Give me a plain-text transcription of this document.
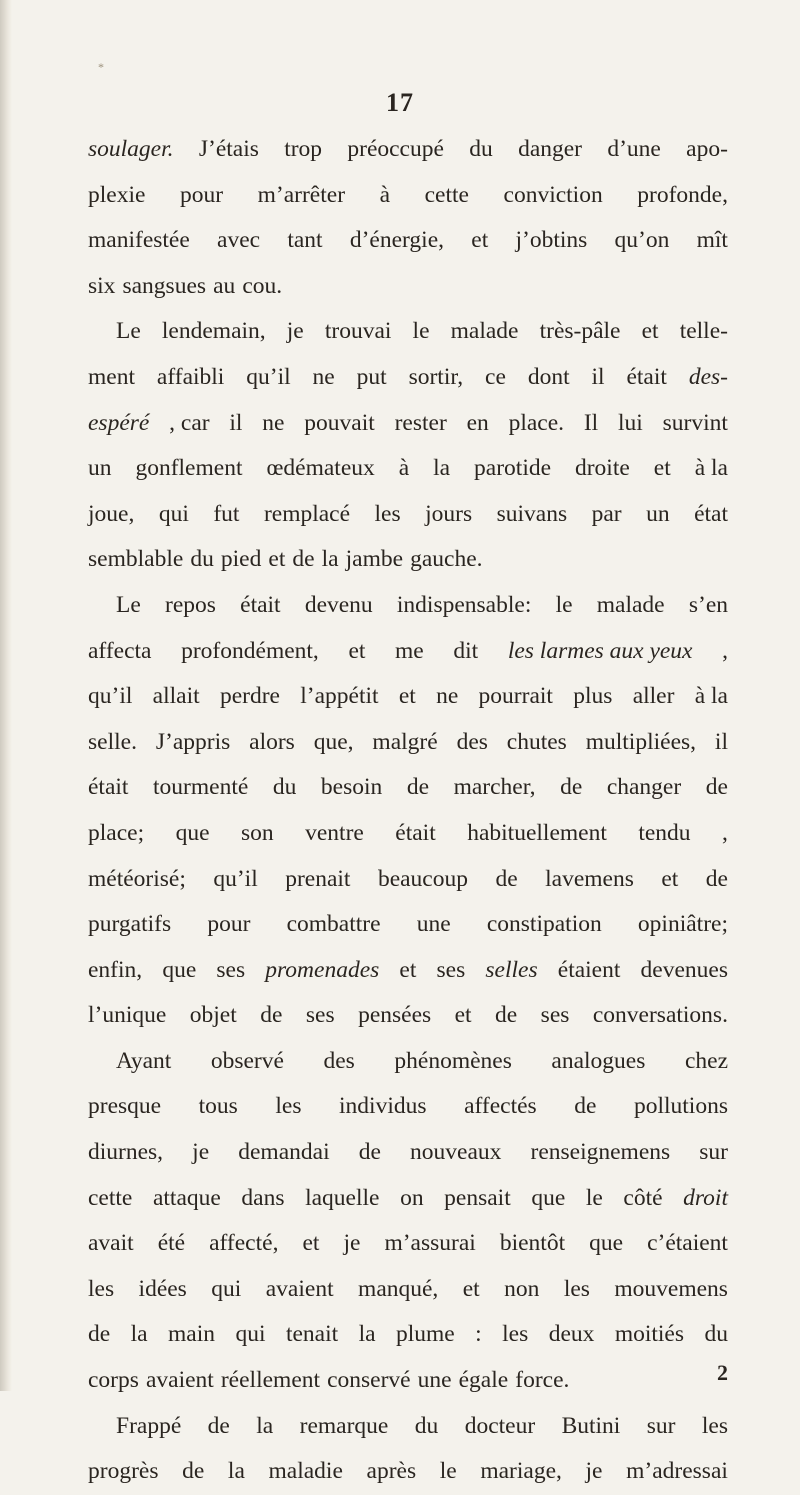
*
17
soulager. J’étais trop préoccupé du danger d’une apo-
plexie pour m’arrêter à cette conviction profonde,
manifestée avec tant d’énergie, et j’obtins qu’on mît
six sangsues au cou.
Le lendemain, je trouvai le malade très-pâle et telle-
ment affaibli qu’il ne put sortir, ce dont il était des-
espéré , car il ne pouvait rester en place. Il lui survint
un gonflement œdémateux à la parotide droite et à la
joue, qui fut remplacé les jours suivans par un état
semblable du pied et de la jambe gauche.
Le repos était devenu indispensable: le malade s’en
affecta profondément, et me dit les larmes aux yeux ,
qu’il allait perdre l’appétit et ne pourrait plus aller à la
selle. J’appris alors que, malgré des chutes multipliées, il
était tourmenté du besoin de marcher, de changer de
place; que son ventre était habituellement tendu ,
météorisé; qu’il prenait beaucoup de lavemens et de
purgatifs pour combattre une constipation opiniâtre;
enfin, que ses promenades et ses selles étaient devenues
l’unique objet de ses pensées et de ses conversations.
Ayant observé des phénomènes analogues chez
presque tous les individus affectés de pollutions
diurnes, je demandai de nouveaux renseignemens sur
cette attaque dans laquelle on pensait que le côté droit
avait été affecté, et je m’assurai bientôt que c’étaient
les idées qui avaient manqué, et non les mouvemens
de la main qui tenait la plume : les deux moitiés du
corps avaient réellement conservé une égale force.
Frappé de la remarque du docteur Butini sur les
progrès de la maladie après le mariage, je m’adressai
2
